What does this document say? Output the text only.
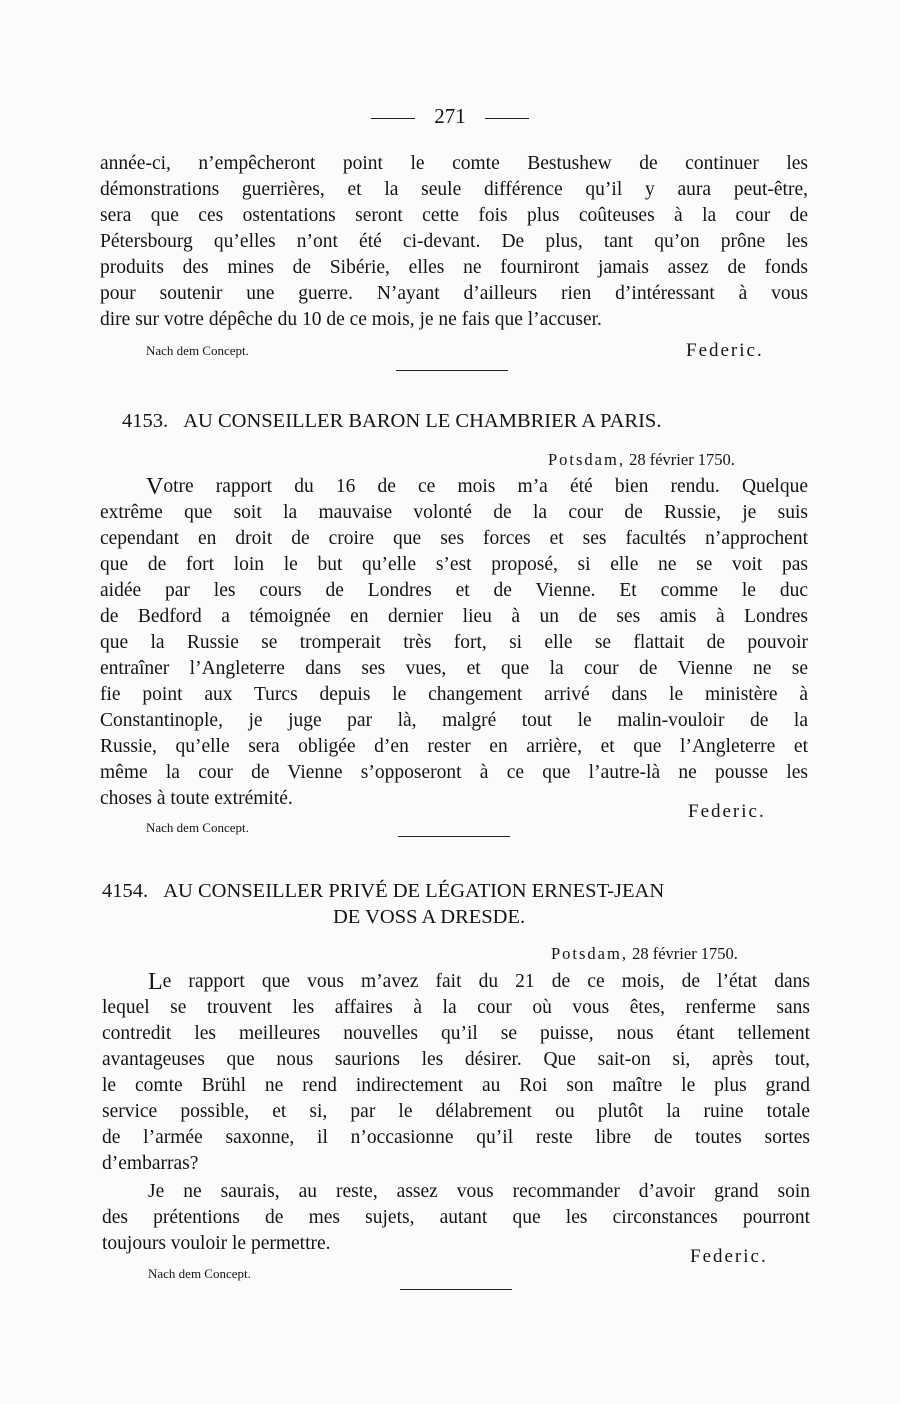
271
année-ci, n’empêcheront point le comte Bestushew de continuer les
démonstrations guerrières, et la seule différence qu’il y aura peut-être,
sera que ces ostentations seront cette fois plus coûteuses à la cour de
Pétersbourg qu’elles n’ont été ci-devant. De plus, tant qu’on prône les
produits des mines de Sibérie, elles ne fourniront jamais assez de fonds
pour soutenir une guerre. N’ayant d’ailleurs rien d’intéressant à vous
dire sur votre dépêche du 10 de ce mois, je ne fais que l’accuser.
Nach dem Concept.	Federic.
4153. AU CONSEILLER BARON LE CHAMBRIER A PARIS.
Potsdam, 28 février 1750.
V otre rapport du 16 de ce mois m’a été bien rendu. Quelque
extrême que soit la mauvaise volonté de la cour de Russie, je suis
cependant en droit de croire que ses forces et ses facultés n’approchent
que de fort loin le but qu’elle s’est proposé, si elle ne se voit pas
aidée par les cours de Londres et de Vienne. Et comme le duc
de Bedford a témoignée en dernier lieu à un de ses amis à Londres
que la Russie se tromperait très fort, si elle se flattait de pouvoir
entraîner l’Angleterre dans ses vues, et que la cour de Vienne ne se
fie point aux Turcs depuis le changement arrivé dans le ministère à
Constantinople, je juge par là, malgré tout le malin-vouloir de la
Russie, qu’elle sera obligée d’en rester en arrière, et que l’Angleterre et
même la cour de Vienne s’opposeront à ce que l’autre-là ne pousse les
choses à toute extrémité.
Federic.
Nach dem Concept.
4154. AU CONSEILLER PRIVÉ DE LÉGATION ERNEST-JEAN
DE VOSS A DRESDE.
Potsdam, 28 février 1750.
L e rapport que vous m’avez fait du 21 de ce mois, de l’état dans
lequel se trouvent les affaires à la cour où vous êtes, renferme sans
contredit les meilleures nouvelles qu’il se puisse, nous étant tellement
avantageuses que nous saurions les désirer. Que sait-on si, après tout,
le comte Brühl ne rend indirectement au Roi son maître le plus grand
service possible, et si, par le délabrement ou plutôt la ruine totale
de l’armée saxonne, il n’occasionne qu’il reste libre de toutes sortes
d’embarras?
Je ne saurais, au reste, assez vous recommander d’avoir grand soin
des prétentions de mes sujets, autant que les circonstances pourront
toujours vouloir le permettre.
Federic.
Nach dem Concept.
